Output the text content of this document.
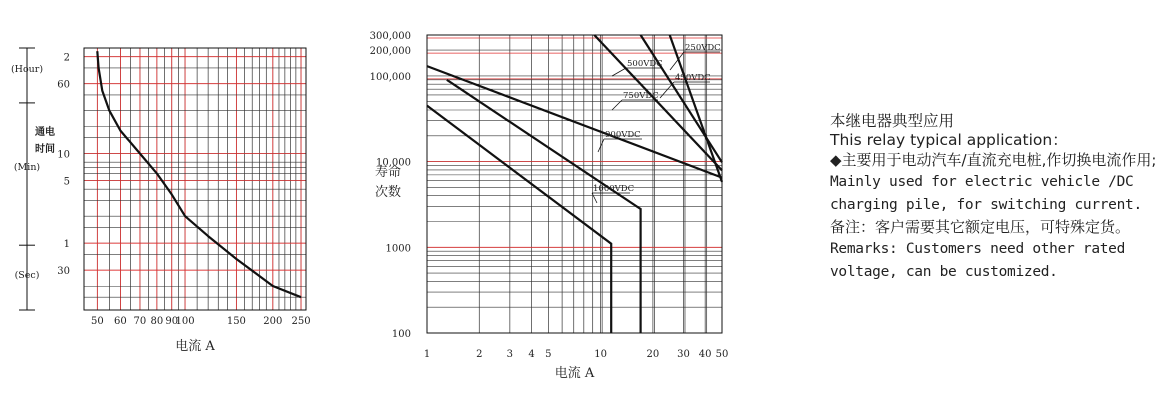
2
60
10
5
1
30
50 60 70 80 90
100	150 200 250
电流 A
(Hour)
(Min)
(Sec)
通电
时间
300,000
200,000
100,000
10,000
1000
100
1	2 3 4 5	10	20 30 40 50
电流 A
寿命
次数
250VDC
500VDC
450VDC
750VDC
900VDC
1000VDC
本继电器典型应用
This relay typical application：
◆主要用于电动汽车/直流充电桩,作切换电流作用;
Mainly used for electric vehicle /DC charging pile, for switching current.
备注：客户需要其它额定电压，可特殊定货。
Remarks: Customers need other rated voltage, can be customized.
